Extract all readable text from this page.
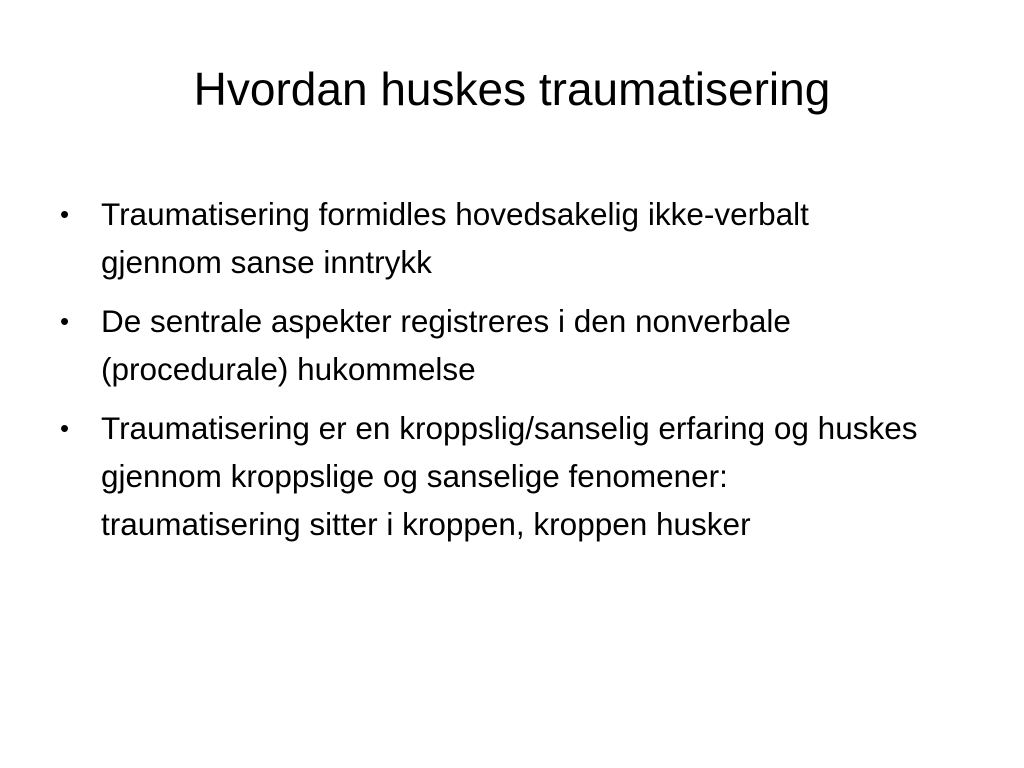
Hvordan huskes traumatisering
• Traumatisering formidles hovedsakelig ikke-verbalt gjennom sanse inntrykk
• De sentrale aspekter registreres i den nonverbale (procedurale) hukommelse
• Traumatisering er en kroppslig/sanselig erfaring og huskes gjennom kroppslige og sanselige fenomener: traumatisering sitter i kroppen, kroppen husker
